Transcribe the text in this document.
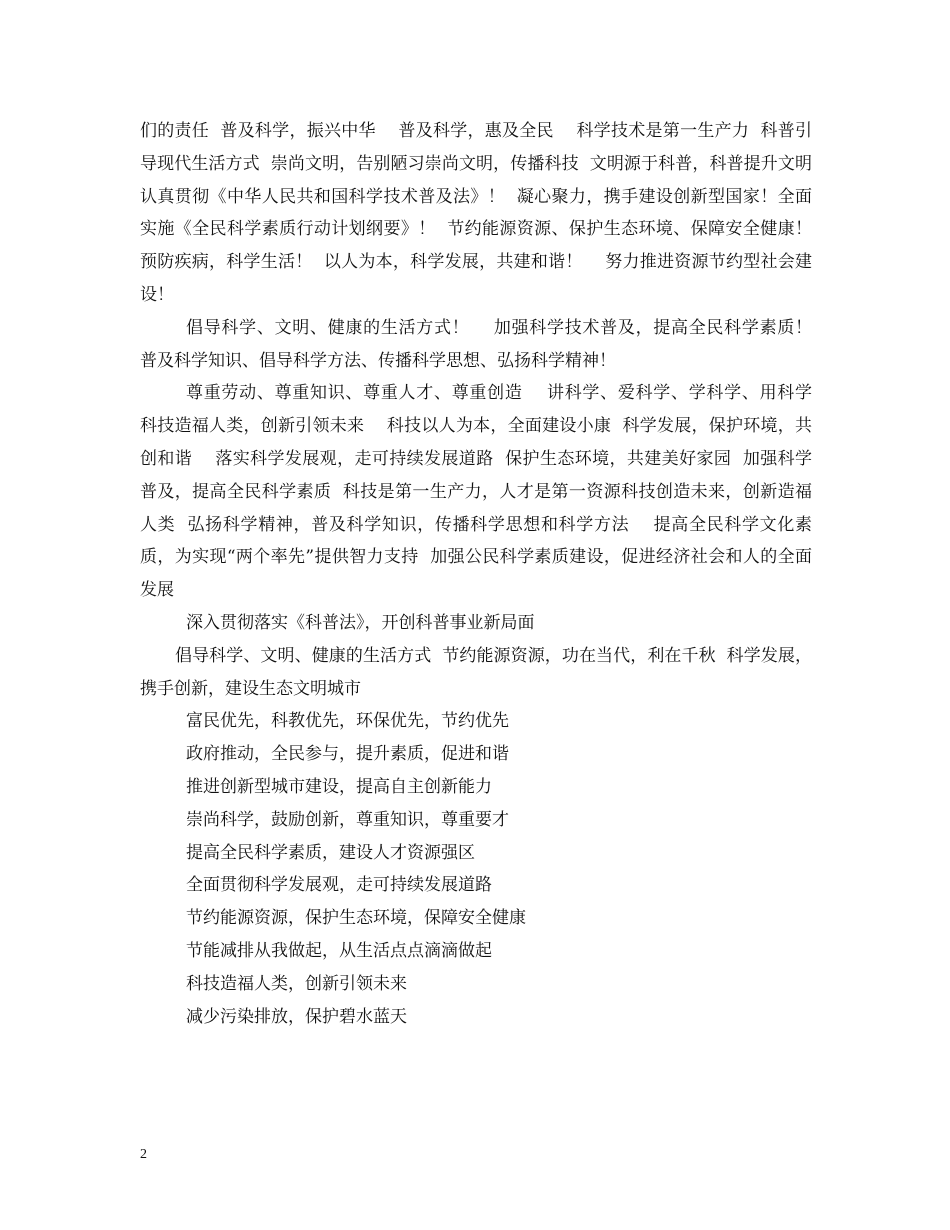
们的责任  普及科学，振兴中华    普及科学，惠及全民    科学技术是第一生产力  科普引导现代生活方式  崇尚文明，告别陋习崇尚文明，传播科技  文明源于科普，科普提升文明    认真贯彻《中华人民共和国科学技术普及法》！  凝心聚力，携手建设创新型国家！全面实施《全民科学素质行动计划纲要》！  节约能源资源、保护生态环境、保障安全健康！    预防疾病，科学生活！  以人为本，科学发展，共建和谐！    努力推进资源节约型社会建设！

倡导科学、文明、健康的生活方式！    加强科学技术普及，提高全民科学素质！  普及科学知识、倡导科学方法、传播科学思想、弘扬科学精神！

尊重劳动、尊重知识、尊重人才、尊重创造    讲科学、爱科学、学科学、用科学  科技造福人类，创新引领未来    科技以人为本，全面建设小康  科学发展，保护环境，共创和谐    落实科学发展观，走可持续发展道路  保护生态环境，共建美好家园  加强科学普及，提高全民科学素质  科技是第一生产力，人才是第一资源科技创造未来，创新造福人类  弘扬科学精神，普及科学知识，传播科学思想和科学方法    提高全民科学文化素质，为实现“两个率先”提供智力支持  加强公民科学素质建设，促进经济社会和人的全面发展

深入贯彻落实《科普法》，开创科普事业新局面

倡导科学、文明、健康的生活方式  节约能源资源，功在当代，利在千秋  科学发展，携手创新，建设生态文明城市

富民优先，科教优先，环保优先，节约优先

政府推动，全民参与，提升素质，促进和谐

推进创新型城市建设，提高自主创新能力

崇尚科学，鼓励创新，尊重知识，尊重要才

提高全民科学素质，建设人才资源强区

全面贯彻科学发展观，走可持续发展道路

节约能源资源，保护生态环境，保障安全健康

节能减排从我做起，从生活点点滴滴做起

科技造福人类，创新引领未来

减少污染排放，保护碧水蓝天

2
